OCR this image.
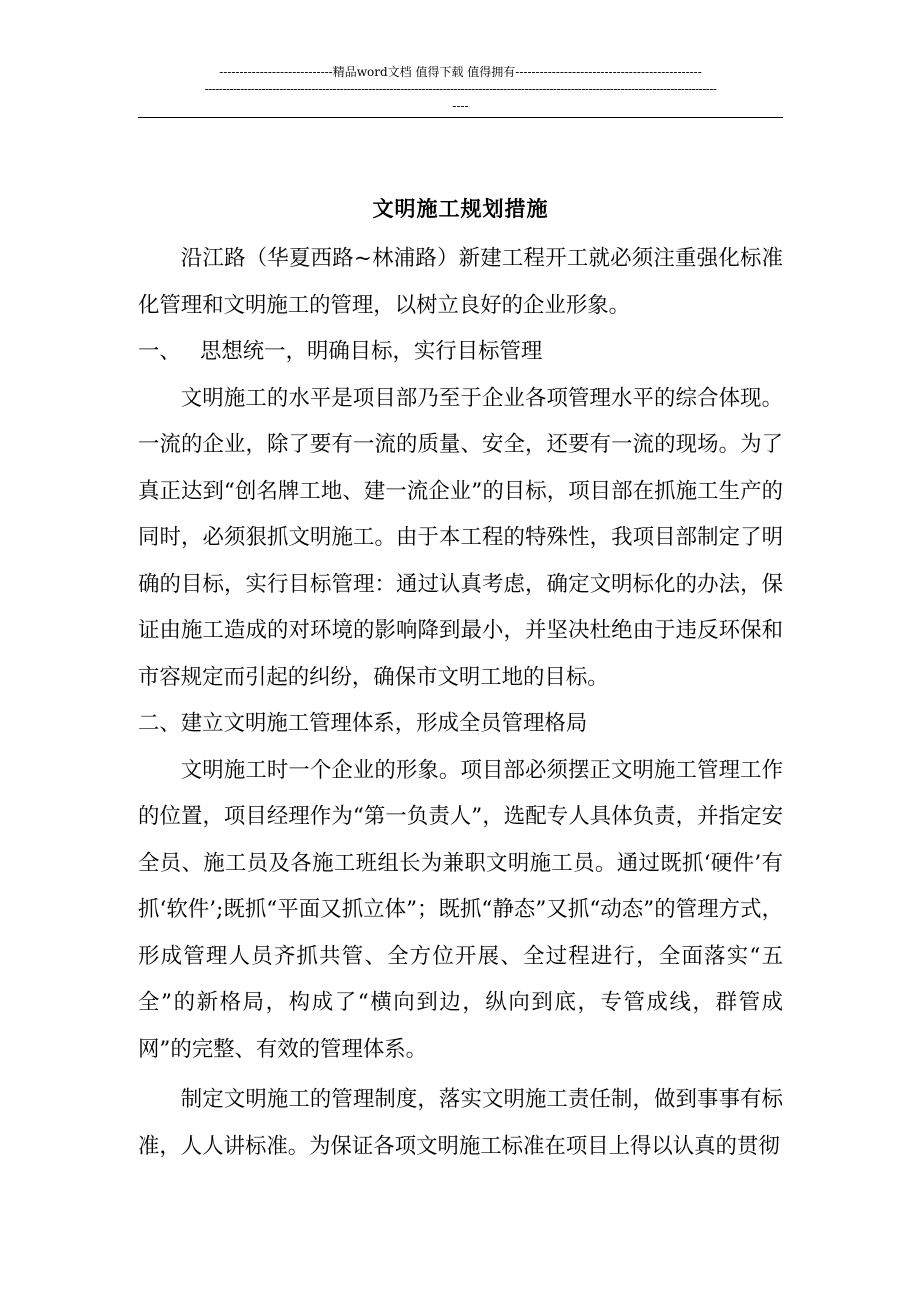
----------------------------精品word文档 值得下载 值得拥有----------------------------------------------
------------------------------------------------------------------------------------------------------------------------------------------------
----
文明施工规划措施

沿江路（华夏西路~林浦路）新建工程开工就必须注重强化标准化管理和文明施工的管理，以树立良好的企业形象。

一、 思想统一，明确目标，实行目标管理

文明施工的水平是项目部乃至于企业各项管理水平的综合体现。一流的企业，除了要有一流的质量、安全，还要有一流的现场。为了真正达到“创名牌工地、建一流企业”的目标，项目部在抓施工生产的同时，必须狠抓文明施工。由于本工程的特殊性，我项目部制定了明确的目标，实行目标管理：通过认真考虑，确定文明标化的办法，保证由施工造成的对环境的影响降到最小，并坚决杜绝由于违反环保和市容规定而引起的纠纷，确保市文明工地的目标。

二、建立文明施工管理体系，形成全员管理格局

文明施工时一个企业的形象。项目部必须摆正文明施工管理工作的位置，项目经理作为“第一负责人”，选配专人具体负责，并指定安全员、施工员及各施工班组长为兼职文明施工员。通过既抓‘硬件’有抓‘软件’;既抓“平面又抓立体”；既抓“静态”又抓“动态”的管理方式，形成管理人员齐抓共管、全方位开展、全过程进行，全面落实“五全”的新格局，构成了“横向到边，纵向到底，专管成线，群管成网”的完整、有效的管理体系。

制定文明施工的管理制度，落实文明施工责任制，做到事事有标准，人人讲标准。为保证各项文明施工标准在项目上得以认真的贯彻
